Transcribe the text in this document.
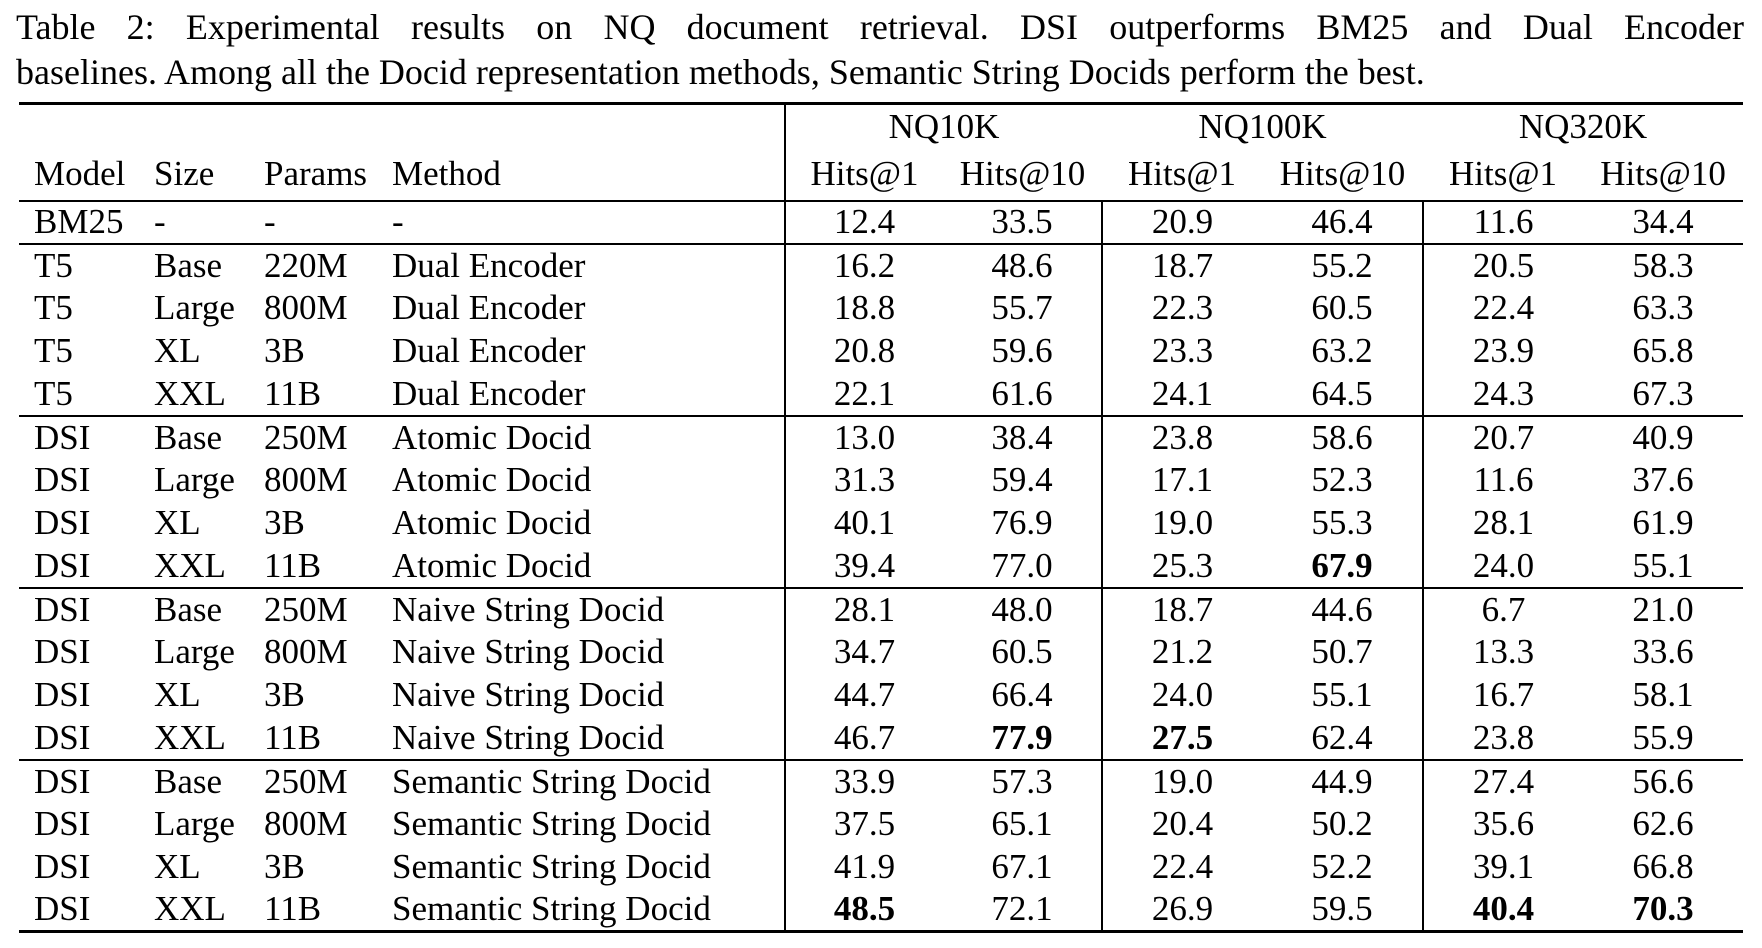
Table 2: Experimental results on NQ document retrieval. DSI outperforms BM25 and Dual Encoder
baselines. Among all the Docid representation methods, Semantic String Docids perform the best.
				NQ10K		NQ100K		NQ320K	
Model	Size	Params	Method	Hits@1	Hits@10	Hits@1	Hits@10	Hits@1	Hits@10
BM25	-	-	-	12.4	33.5	20.9	46.4	11.6	34.4
T5	Base	220M	Dual Encoder	16.2	48.6	18.7	55.2	20.5	58.3
T5	Large	800M	Dual Encoder	18.8	55.7	22.3	60.5	22.4	63.3
T5	XL	3B	Dual Encoder	20.8	59.6	23.3	63.2	23.9	65.8
T5	XXL	11B	Dual Encoder	22.1	61.6	24.1	64.5	24.3	67.3
DSI	Base	250M	Atomic Docid	13.0	38.4	23.8	58.6	20.7	40.9
DSI	Large	800M	Atomic Docid	31.3	59.4	17.1	52.3	11.6	37.6
DSI	XL	3B	Atomic Docid	40.1	76.9	19.0	55.3	28.1	61.9
DSI	XXL	11B	Atomic Docid	39.4	77.0	25.3	67.9	24.0	55.1
DSI	Base	250M	Naive String Docid	28.1	48.0	18.7	44.6	6.7	21.0
DSI	Large	800M	Naive String Docid	34.7	60.5	21.2	50.7	13.3	33.6
DSI	XL	3B	Naive String Docid	44.7	66.4	24.0	55.1	16.7	58.1
DSI	XXL	11B	Naive String Docid	46.7	77.9	27.5	62.4	23.8	55.9
DSI	Base	250M	Semantic String Docid	33.9	57.3	19.0	44.9	27.4	56.6
DSI	Large	800M	Semantic String Docid	37.5	65.1	20.4	50.2	35.6	62.6
DSI	XL	3B	Semantic String Docid	41.9	67.1	22.4	52.2	39.1	66.8
DSI	XXL	11B	Semantic String Docid	48.5	72.1	26.9	59.5	40.4	70.3
